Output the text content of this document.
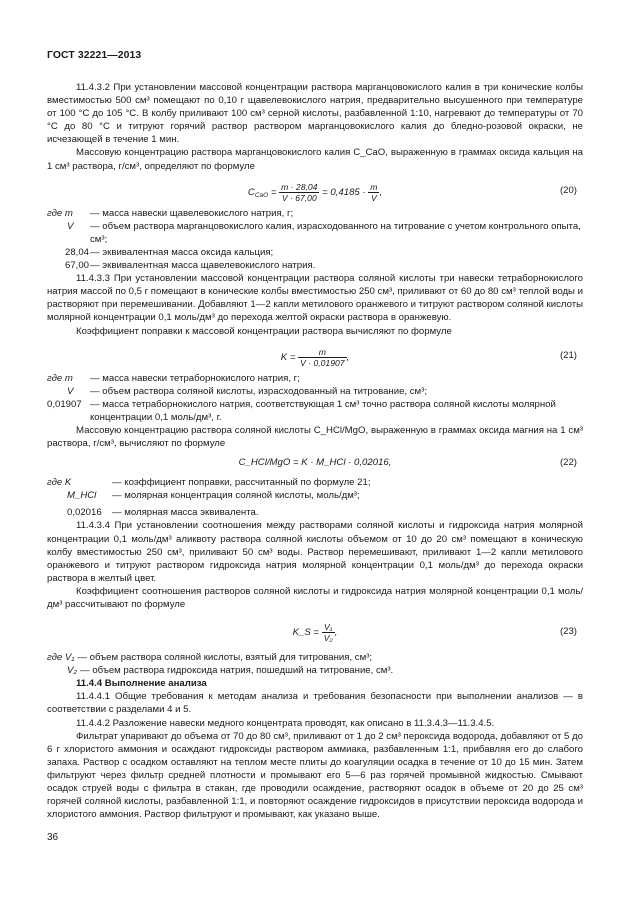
ГОСТ 32221—2013

11.4.3.2 При установлении массовой концентрации раствора марганцовокислого калия в три конические колбы вместимостью 500 см³ помещают по 0,10 г щавелевокислого натрия, предварительно высушенного при температуре от 100 °С до 105 °С. В колбу приливают 100 см³ серной кислоты, разбавленной 1:10, нагревают до температуры от 70 °С до 80 °С и титруют горячий раствор раствором марганцовокислого калия до бледно-розовой окраски, не исчезающей в течение 1 мин.

Массовую концентрацию раствора марганцовокислого калия C_CaO, выраженную в граммах оксида кальция на 1 см³ раствора, г/см³, определяют по формуле

$C_{CaO} = \frac{m \cdot 28,04}{V \cdot 67,00} = 0,4185 \cdot \frac{m}{V}$ ,	(20)
где m	— масса навески щавелевокислого натрия, г;
V	— объем раствора марганцовокислого калия, израсходованного на титрование с учетом контрольного опыта, см³;
28,04 — эквивалентная масса оксида кальция;
67,00 — эквивалентная масса щавелевокислого натрия.

11.4.3.3 При установлении массовой концентрации раствора соляной кислоты три навески тетраборнокислого натрия массой по 0,5 г помещают в конические колбы вместимостью 250 см³, приливают от 60 до 80 см³ теплой воды и растворяют при перемешивании. Добавляют 1—2 капли метилового оранжевого и титруют раствором соляной кислоты молярной концентрации 0,1 моль/дм³ до перехода желтой окраски раствора в оранжевую.

Коэффициент поправки к массовой концентрации раствора вычисляют по формуле

$K = \frac{m}{V \cdot 0,01907}$ ,	(21)
где m	— масса навески тетраборнокислого натрия, г;
V	— объем раствора соляной кислоты, израсходованный на титрование, см³;
0,01907 — масса тетраборнокислого натрия, соответствующая 1 см³ точно раствора соляной кислоты молярной концентрации 0,1 моль/дм³, г.

Массовую концентрацию раствора соляной кислоты C_HCl/MgO, выраженную в граммах оксида магния на 1 см³ раствора, г/см³, вычисляют по формуле

C_HCl/MgO = K · M_HCl · 0,02016,	(22)
где K	— коэффициент поправки, рассчитанный по формуле 21;
M_HCl	— молярная концентрация соляной кислоты, моль/дм³;
0,02016	— молярная масса эквивалента.

11.4.3.4 При установлении соотношения между растворами соляной кислоты и гидроксида натрия молярной концентрации 0,1 моль/дм³ аликвоту раствора соляной кислоты объемом от 10 до 20 см³ помещают в коническую колбу вместимостью 250 см³, приливают 50 см³ воды. Раствор перемешивают, приливают 1—2 капли метилового оранжевого и титруют раствором гидроксида натрия молярной концентрации 0,1 моль/дм³ до перехода окраски раствора в желтый цвет.

Коэффициент соотношения растворов соляной кислоты и гидроксида натрия молярной концентрации 0,1 моль/дм³ рассчитывают по формуле

K_S = $\frac{\text{V₁}}{\text{V₂}}$ ,	(23)
где V₁ — объем раствора соляной кислоты, взятый для титрования, см³;
V₂ — объем раствора гидроксида натрия, пошедший на титрование, см³.

11.4.4 Выполнение анализа

11.4.4.1 Общие требования к методам анализа и требования безопасности при выполнении анализов — в соответствии с разделами 4 и 5.

11.4.4.2 Разложение навески медного концентрата проводят, как описано в 11.3.4.3—11.3.4.5.

Фильтрат упаривают до объема от 70 до 80 см³, приливают от 1 до 2 см³ пероксида водорода, добавляют от 5 до 6 г хлористого аммония и осаждают гидроксиды раствором аммиака, разбавленным 1:1, прибавляя его до слабого запаха. Раствор с осадком оставляют на теплом месте плиты до коагуляции осадка в течение от 10 до 15 мин. Затем фильтруют через фильтр средней плотности и промывают его 5—6 раз горячей промывной жидкостью. Смывают осадок струей воды с фильтра в стакан, где проводили осаждение, растворяют осадок в объеме от 20 до 25 см³ горячей соляной кислоты, разбавленной 1:1, и повторяют осаждение гидроксидов в присутствии пероксида водорода и хлористого аммония. Раствор фильтруют и промывают, как указано выше.

36
